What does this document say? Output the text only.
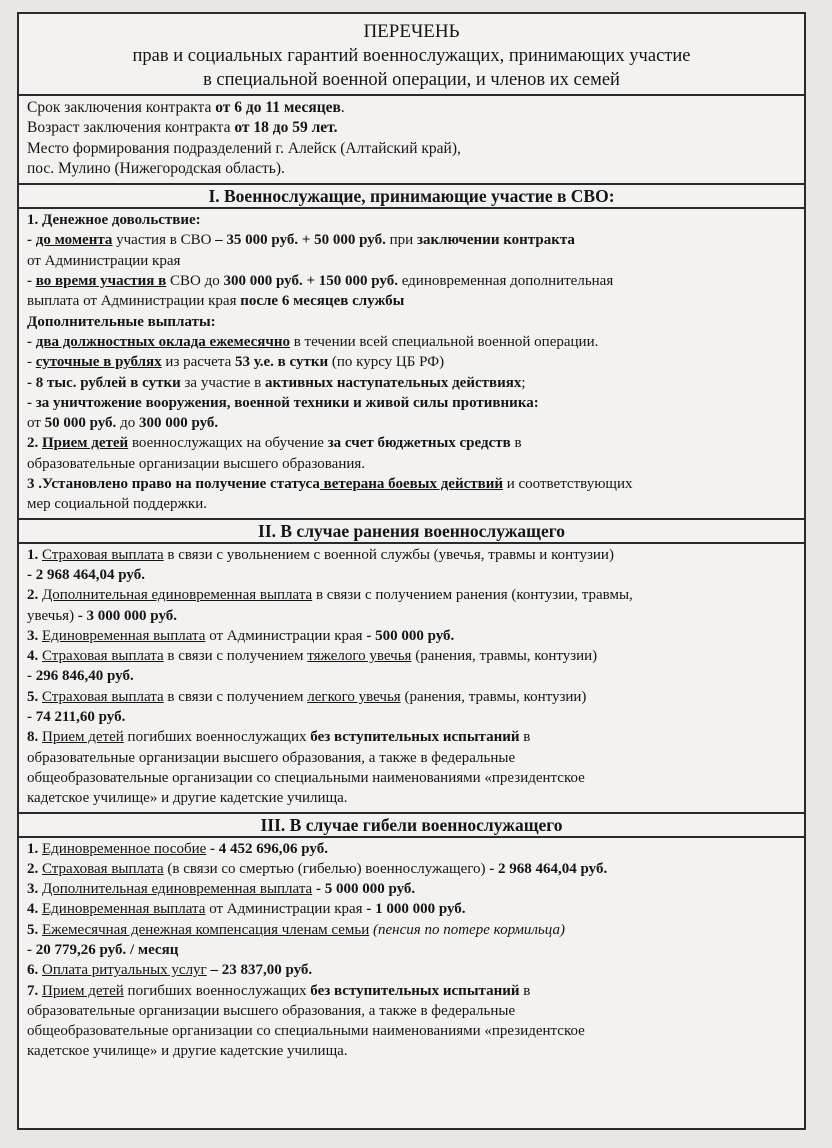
ПЕРЕЧЕНЬ
прав и социальных гарантий военнослужащих, принимающих участие
в специальной военной операции, и членов их семей

Срок заключения контракта от 6 до 11 месяцев.

Возраст заключения контракта от 18 до 59 лет.

Место формирования подразделений г. Алейск (Алтайский край),

пос. Мулино (Нижегородская область).

I. Военнослужащие, принимающие участие в СВО:

1. Денежное довольствие:

- до момента участия в СВО – 35 000 руб. + 50 000 руб. при заключении контракта

от Администрации края

- во время участия в СВО до 300 000 руб. + 150 000 руб. единовременная дополнительная

выплата от Администрации края после 6 месяцев службы

Дополнительные выплаты:

- два должностных оклада ежемесячно в течении всей специальной военной операции.

- суточные в рублях из расчета 53 у.е. в сутки (по курсу ЦБ РФ)

- 8 тыс. рублей в сутки за участие в активных наступательных действиях;

- за уничтожение вооружения, военной техники и живой силы противника:

от 50 000 руб. до 300 000 руб.

2. Прием детей военнослужащих на обучение за счет бюджетных средств в

образовательные организации высшего образования.

3 .Установлено право на получение статуса ветерана боевых действий и соответствующих

мер социальной поддержки.

II. В случае ранения военнослужащего

1. Страховая выплата в связи с увольнением с военной службы (увечья, травмы и контузии)

- 2 968 464,04 руб.

2. Дополнительная единовременная выплата в связи с получением ранения (контузии, травмы,

увечья) - 3 000 000 руб.

3. Единовременная выплата от Администрации края - 500 000 руб.

4. Страховая выплата в связи с получением тяжелого увечья (ранения, травмы, контузии)

- 296 846,40 руб.

5. Страховая выплата в связи с получением легкого увечья (ранения, травмы, контузии)

- 74 211,60 руб.

8. Прием детей погибших военнослужащих без вступительных испытаний в

образовательные организации высшего образования, а также в федеральные

общеобразовательные организации со специальными наименованиями «президентское

кадетское училище» и другие кадетские училища.

III. В случае гибели военнослужащего

1. Единовременное пособие - 4 452 696,06 руб.

2. Страховая выплата (в связи со смертью (гибелью) военнослужащего) - 2 968 464,04 руб.

3. Дополнительная единовременная выплата - 5 000 000 руб.

4. Единовременная выплата от Администрации края - 1 000 000 руб.

5. Ежемесячная денежная компенсация членам семьи (пенсия по потере кормильца)

- 20 779,26 руб. / месяц

6. Оплата ритуальных услуг – 23 837,00 руб.

7. Прием детей погибших военнослужащих без вступительных испытаний в

образовательные организации высшего образования, а также в федеральные

общеобразовательные организации со специальными наименованиями «президентское

кадетское училище» и другие кадетские училища.
